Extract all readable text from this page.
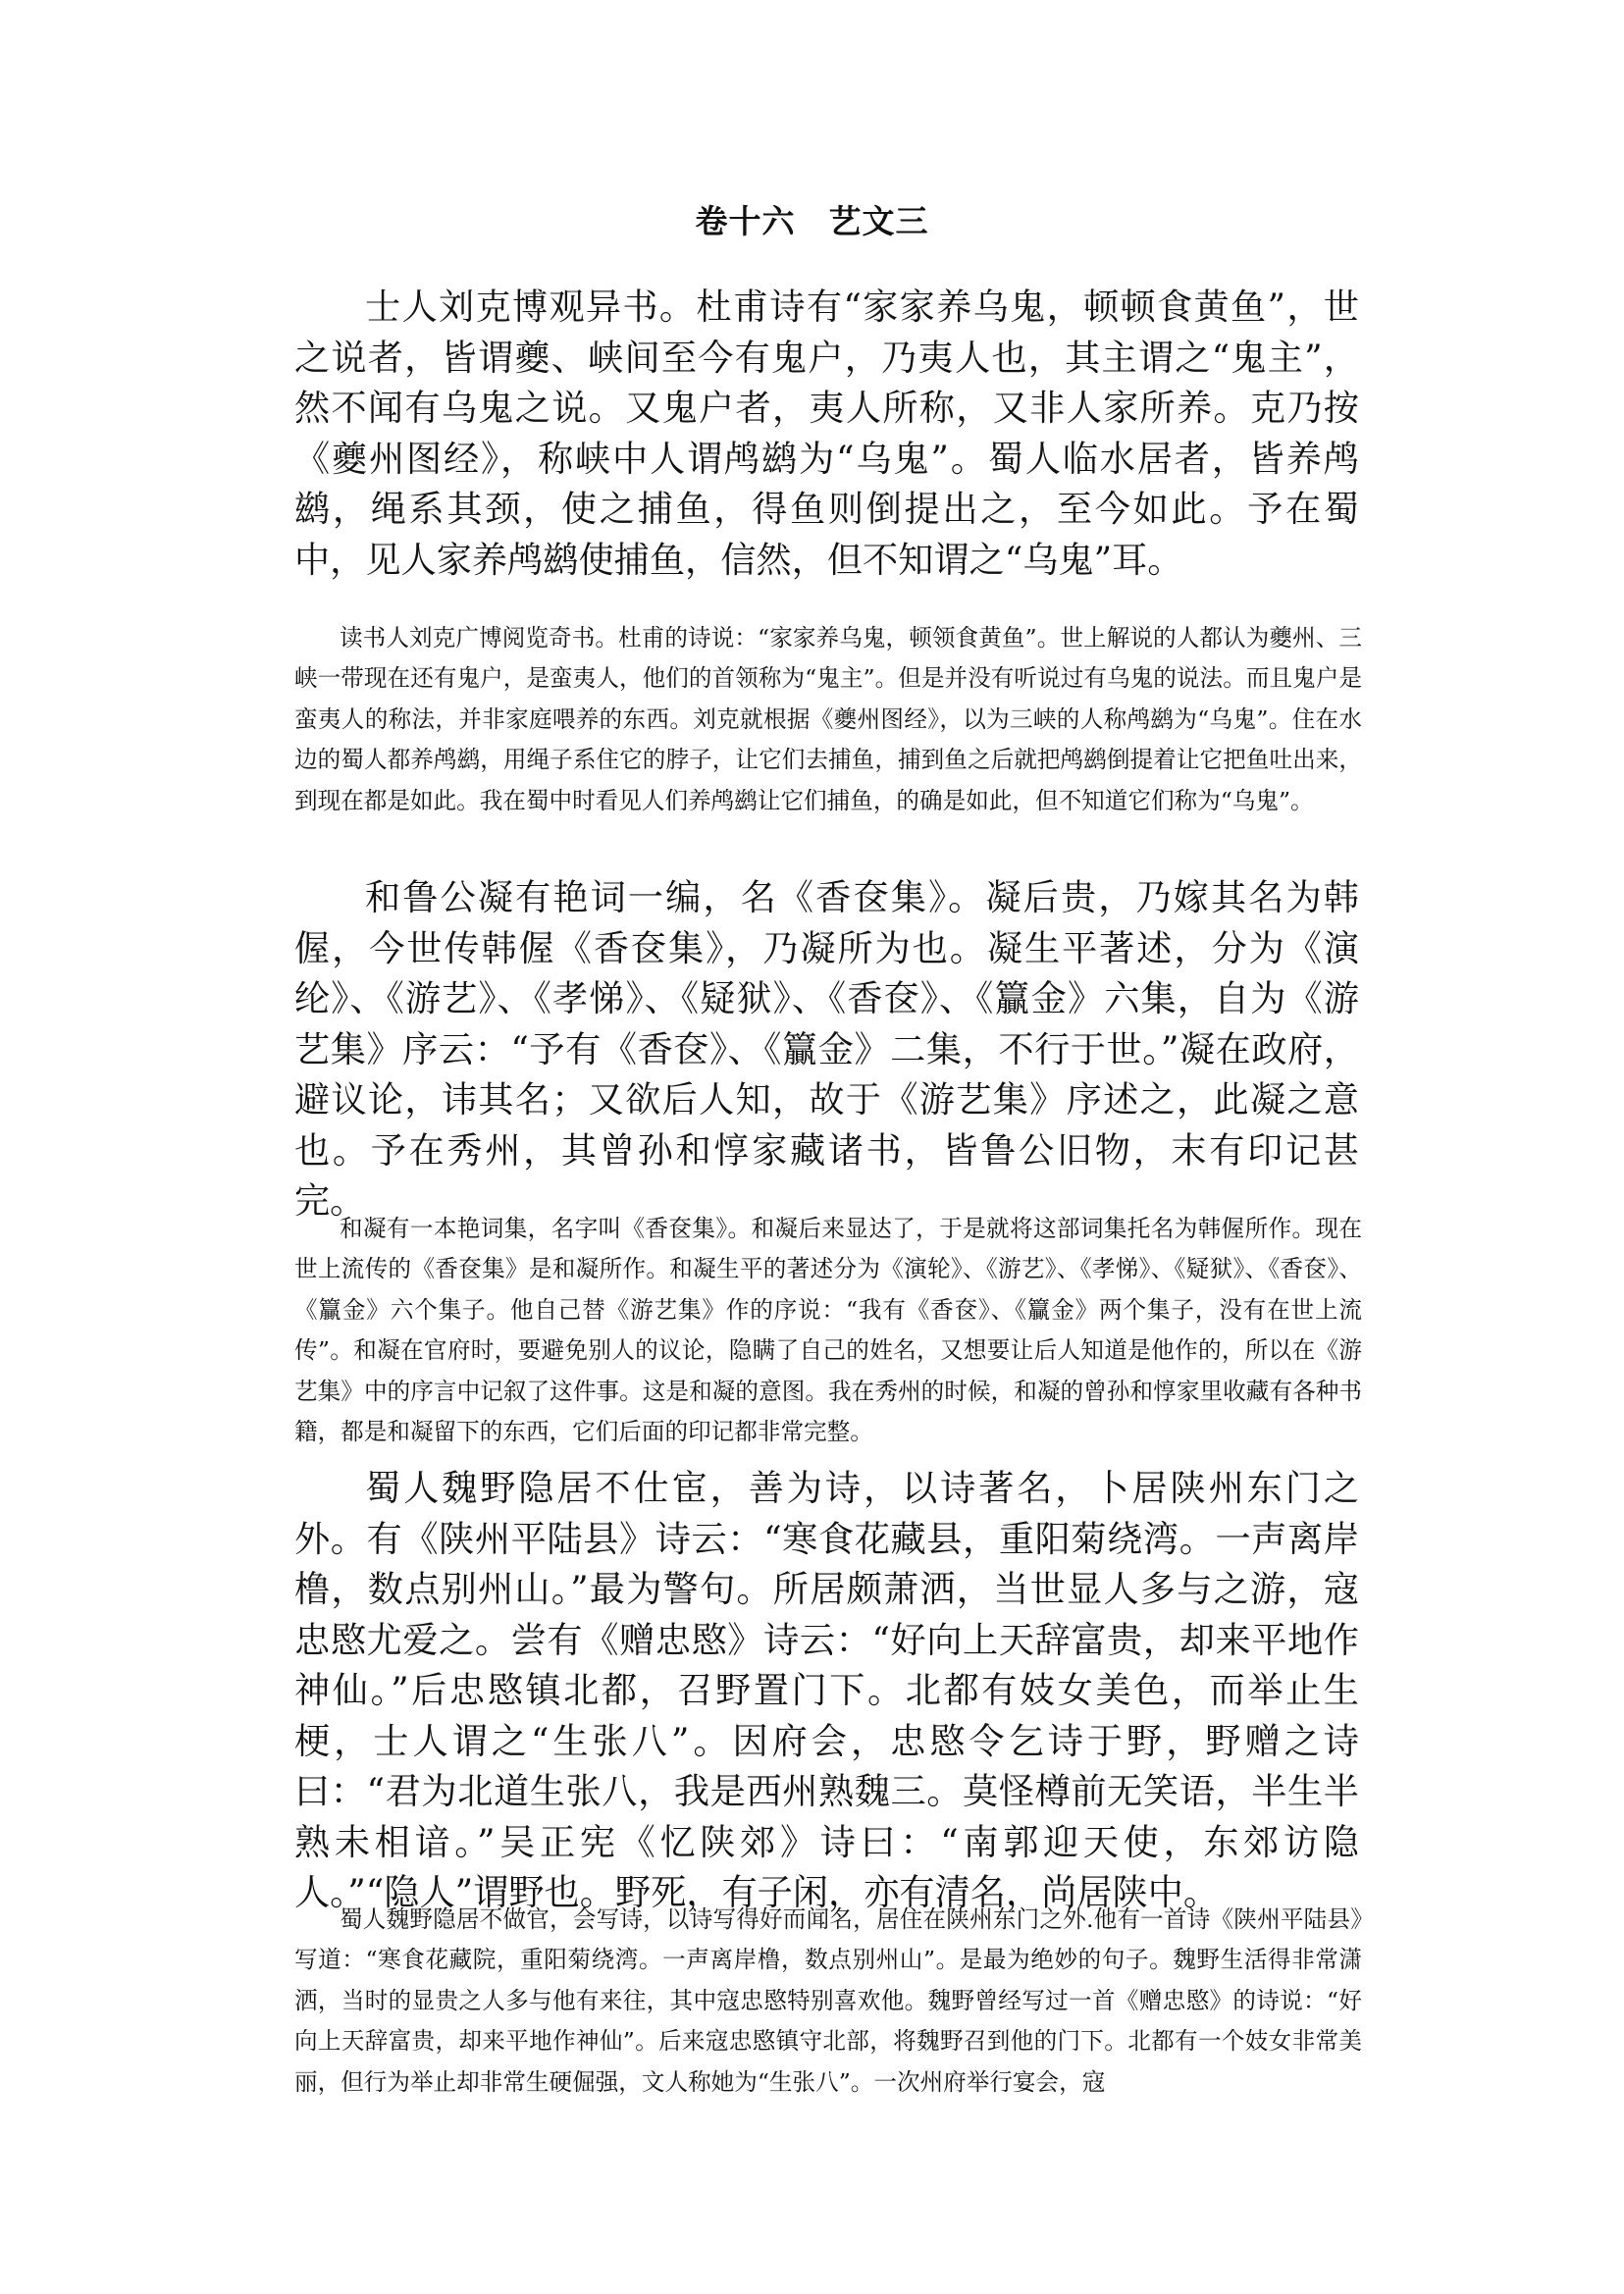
卷十六　艺文三

士人刘克博观异书。杜甫诗有“家家养乌鬼，顿顿食黄鱼”，世之说者，皆谓夔、峡间至今有鬼户，乃夷人也，其主谓之“鬼主”，然不闻有乌鬼之说。又鬼户者，夷人所称，又非人家所养。克乃按《夔州图经》，称峡中人谓鸬鹚为“乌鬼”。蜀人临水居者，皆养鸬鹚，绳系其颈，使之捕鱼，得鱼则倒提出之，至今如此。予在蜀中，见人家养鸬鹚使捕鱼，信然，但不知谓之“乌鬼”耳。

读书人刘克广博阅览奇书。杜甫的诗说：“家家养乌鬼，顿领食黄鱼”。世上解说的人都认为夔州、三峡一带现在还有鬼户，是蛮夷人，他们的首领称为“鬼主”。但是并没有听说过有乌鬼的说法。而且鬼户是蛮夷人的称法，并非家庭喂养的东西。刘克就根据《夔州图经》，以为三峡的人称鸬鹚为“乌鬼”。住在水边的蜀人都养鸬鹚，用绳子系住它的脖子，让它们去捕鱼，捕到鱼之后就把鸬鹚倒提着让它把鱼吐出来，到现在都是如此。我在蜀中时看见人们养鸬鹚让它们捕鱼，的确是如此，但不知道它们称为“乌鬼”。

和鲁公凝有艳词一编，名《香奁集》。凝后贵，乃嫁其名为韩偓，今世传韩偓《香奁集》，乃凝所为也。凝生平著述，分为《演纶》、《游艺》、《孝悌》、《疑狱》、《香奁》、《籯金》六集，自为《游艺集》序云：“予有《香奁》、《籯金》二集，不行于世。”凝在政府，避议论，讳其名；又欲后人知，故于《游艺集》序述之，此凝之意也。予在秀州，其曾孙和惇家藏诸书，皆鲁公旧物，末有印记甚完。

和凝有一本艳词集，名字叫《香奁集》。和凝后来显达了，于是就将这部词集托名为韩偓所作。现在世上流传的《香奁集》是和凝所作。和凝生平的著述分为《演轮》、《游艺》、《孝悌》、《疑狱》、《香奁》、《籯金》六个集子。他自己替《游艺集》作的序说：“我有《香奁》、《籯金》两个集子，没有在世上流传”。和凝在官府时，要避免别人的议论，隐瞒了自己的姓名，又想要让后人知道是他作的，所以在《游艺集》中的序言中记叙了这件事。这是和凝的意图。我在秀州的时候，和凝的曾孙和惇家里收藏有各种书籍，都是和凝留下的东西，它们后面的印记都非常完整。

蜀人魏野隐居不仕宦，善为诗，以诗著名，卜居陕州东门之外。有《陕州平陆县》诗云：“寒食花藏县，重阳菊绕湾。一声离岸橹，数点别州山。”最为警句。所居颇萧洒，当世显人多与之游，寇忠愍尤爱之。尝有《赠忠愍》诗云：“好向上天辞富贵，却来平地作神仙。”后忠愍镇北都，召野置门下。北都有妓女美色，而举止生梗，士人谓之“生张八”。因府会，忠愍令乞诗于野，野赠之诗曰：“君为北道生张八，我是西州熟魏三。莫怪樽前无笑语，半生半熟未相谙。”吴正宪《忆陕郊》诗曰：“南郭迎天使，东郊访隐人。”“隐人”谓野也。野死，有子闲，亦有清名，尚居陕中。

蜀人魏野隐居不做官，会写诗，以诗写得好而闻名，居住在陕州东门之外.他有一首诗《陕州平陆县》写道：“寒食花藏院，重阳菊绕湾。一声离岸橹，数点别州山”。是最为绝妙的句子。魏野生活得非常潇洒，当时的显贵之人多与他有来往，其中寇忠愍特别喜欢他。魏野曾经写过一首《赠忠愍》的诗说：“好向上天辞富贵，却来平地作神仙”。后来寇忠愍镇守北部，将魏野召到他的门下。北都有一个妓女非常美丽，但行为举止却非常生硬倔强，文人称她为“生张八”。一次州府举行宴会，寇
